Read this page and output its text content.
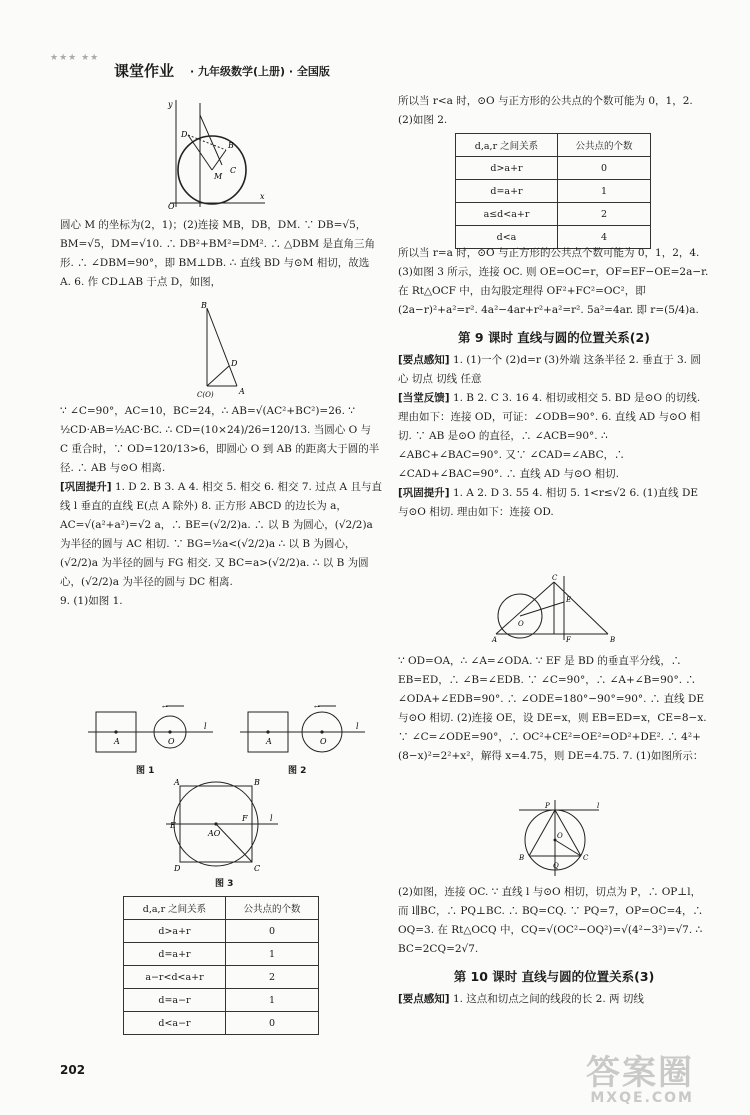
★★★ ★★
课堂作业 · 九年级数学(上册) · 全国版
y
x
D
B
M
C
O

圆心 M 的坐标为(2，1)；(2)连接 MB，DB，DM. ∵ DB=√5，BM=√5，DM=√10. ∴ DB²+BM²=DM². ∴ △DBM 是直角三角形. ∴ ∠DBM=90°，即 BM⊥DB. ∴ 直线 BD 与⊙M 相切，故选 A. 6. 作 CD⊥AB 于点 D，如图，

B
D
A
C(O)

∵ ∠C=90°，AC=10，BC=24，∴ AB=√(AC²+BC²)=26. ∵ ½CD·AB=½AC·BC. ∴ CD=(10×24)/26=120/13. 当圆心 O 与 C 重合时，∵ OD=120/13>6，即圆心 O 到 AB 的距离大于圆的半径. ∴ AB 与⊙O 相离.

[巩固提升] 1. D 2. B 3. A 4. 相交 5. 相交 6. 相交 7. 过点 A 且与直线 l 垂直的直线 E(点 A 除外) 8. 正方形 ABCD 的边长为 a，AC=√(a²+a²)=√2 a，∴ BE=(√2/2)a. ∴ 以 B 为圆心，(√2/2)a 为半径的圆与 AC 相切. ∵ BG=½a<(√2/2)a ∴ 以 B 为圆心，(√2/2)a 为半径的圆与 FG 相交. 又 BC=a>(√2/2)a. ∴ 以 B 为圆心，(√2/2)a 为半径的圆与 DC 相离.

9. (1)如图 1.

←
A	O
l
图 1
←
A	O
l
图 2
A	B
E
F
AO
l
D	C
图 3
d,a,r 之间关系	公共点的个数
d>a+r	0
d=a+r	1
a−r<d<a+r	2
d=a−r	1
d<a−r	0

所以当 r<a 时，⊙O 与正方形的公共点的个数可能为 0，1，2.

(2)如图 2.

d,a,r 之间关系	公共点的个数
d>a+r	0
d=a+r	1
a≤d<a+r	2
d<a	4

所以当 r=a 时，⊙O 与正方形的公共点个数可能为 0，1，2，4. (3)如图 3 所示，连接 OC. 则 OE=OC=r，OF=EF−OE=2a−r. 在 Rt△OCF 中，由勾股定理得 OF²+FC²=OC²，即(2a−r)²+a²=r². 4a²−4ar+r²+a²=r². 5a²=4ar. 即 r=(5/4)a.

第 9 课时 直线与圆的位置关系(2)

[要点感知] 1. (1)一个 (2)d=r (3)外端 这条半径 2. 垂直于 3. 圆心 切点 切线 任意

[当堂反馈] 1. B 2. C 3. 16 4. 相切或相交 5. BD 是⊙O 的切线. 理由如下：连接 OD，可证：∠ODB=90°. 6. 直线 AD 与⊙O 相切. ∵ AB 是⊙O 的直径，∴ ∠ACB=90°. ∴ ∠ABC+∠BAC=90°. 又∵ ∠CAD=∠ABC，∴ ∠CAD+∠BAC=90°. ∴ 直线 AD 与⊙O 相切.

[巩固提升] 1. A 2. D 3. 55 4. 相切 5. 1<r≤√2 6. (1)直线 DE 与⊙O 相切. 理由如下：连接 OD.

C
E
A	B
O
F

∵ OD=OA，∴ ∠A=∠ODA. ∵ EF 是 BD 的垂直平分线，∴ EB=ED，∴ ∠B=∠EDB. ∵ ∠C=90°，∴ ∠A+∠B=90°. ∴ ∠ODA+∠EDB=90°. ∴ ∠ODE=180°−90°=90°. ∴ 直线 DE 与⊙O 相切. (2)连接 OE，设 DE=x，则 EB=ED=x，CE=8−x. ∵ ∠C=∠ODE=90°，∴ OC²+CE²=OE²=OD²+DE². ∴ 4²+(8−x)²=2²+x²，解得 x=4.75，则 DE=4.75. 7. (1)如图所示：

P	l
O
B	C
Q

(2)如图，连接 OC. ∵ 直线 l 与⊙O 相切，切点为 P，∴ OP⊥l，而 l∥BC，∴ PQ⊥BC. ∴ BQ=CQ. ∵ PQ=7，OP=OC=4，∴ OQ=3. 在 Rt△OCQ 中，CQ=√(OC²−OQ²)=√(4²−3²)=√7. ∴ BC=2CQ=2√7.

第 10 课时 直线与圆的位置关系(3)

[要点感知] 1. 这点和切点之间的线段的长 2. 两 切线

202	答案圈
MXQE.COM
